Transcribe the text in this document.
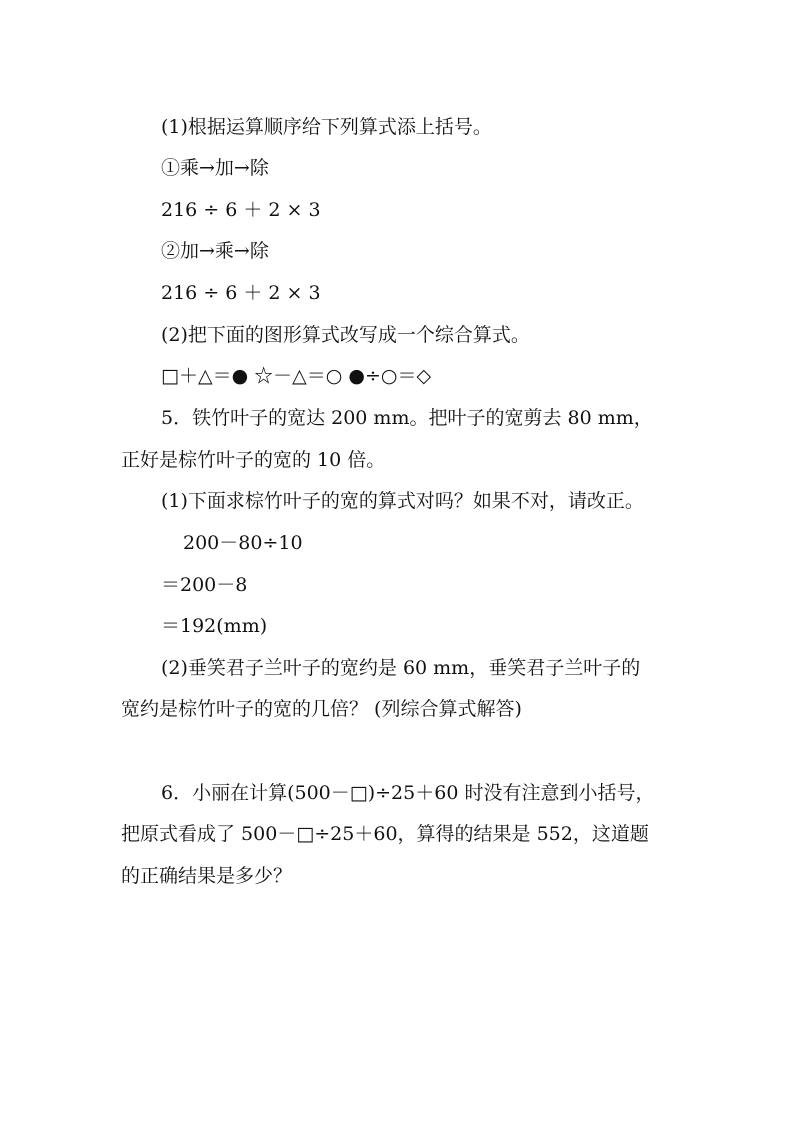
(1)根据运算顺序给下列算式添上括号。
①乘→加→除
216 ÷ 6 ＋ 2 × 3
②加→乘→除
216 ÷ 6 ＋ 2 × 3
(2)把下面的图形算式改写成一个综合算式。
□＋△＝● ☆－△＝○ ●÷○＝◇
5．铁竹叶子的宽达 200 mm。把叶子的宽剪去 80 mm，
正好是棕竹叶子的宽的 10 倍。
(1)下面求棕竹叶子的宽的算式对吗？如果不对，请改正。
200－80÷10
＝200－8
＝192(mm)
(2)垂笑君子兰叶子的宽约是 60 mm，垂笑君子兰叶子的
宽约是棕竹叶子的宽的几倍？ (列综合算式解答)
6．小丽在计算(500－□)÷25＋60 时没有注意到小括号，
把原式看成了 500－□÷25＋60，算得的结果是 552，这道题
的正确结果是多少？
